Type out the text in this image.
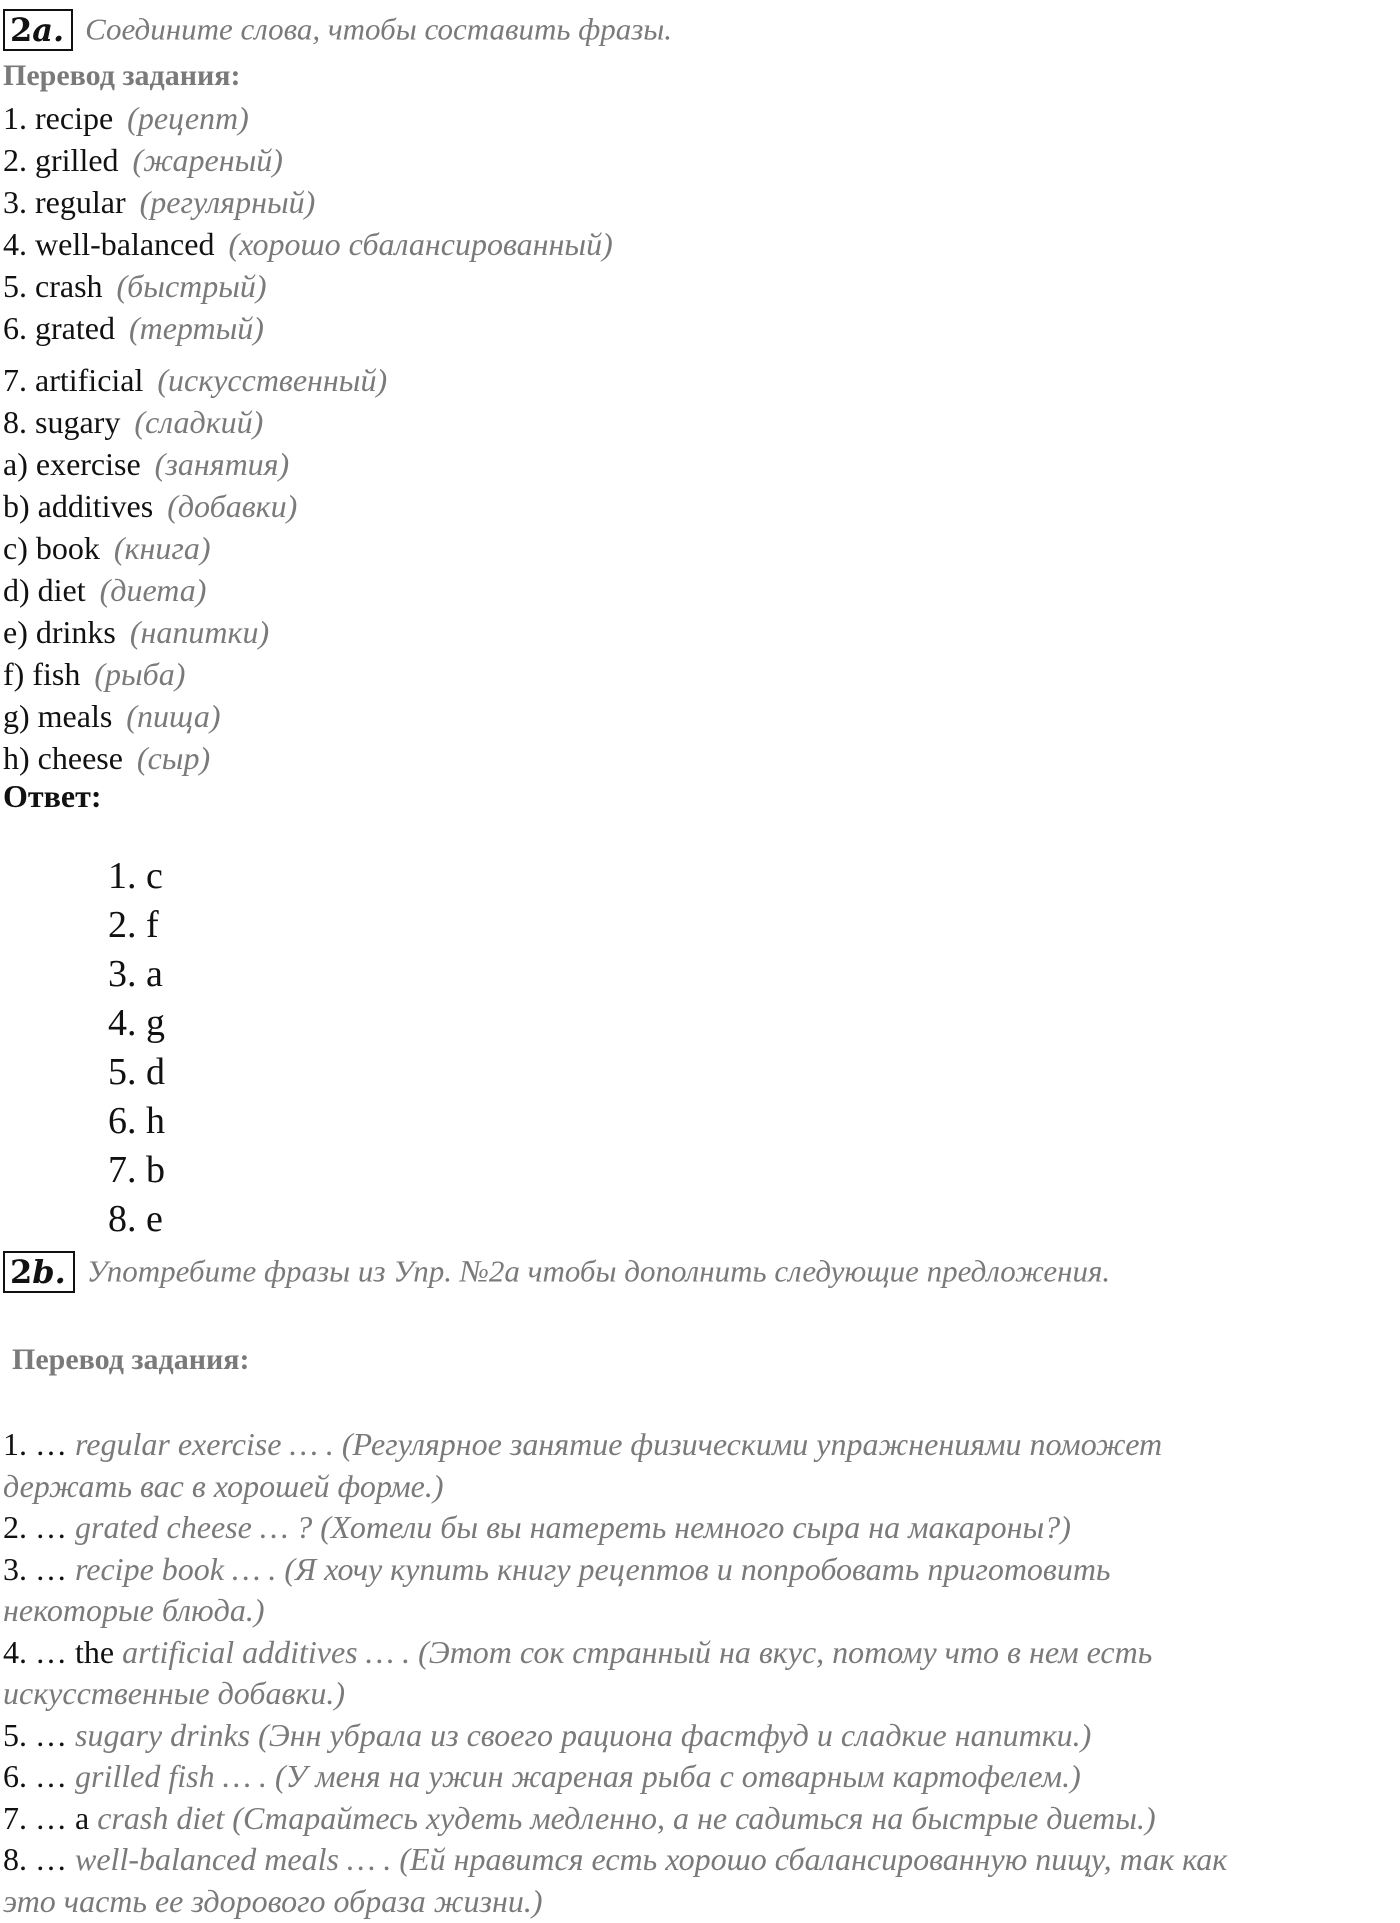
2a. Соедините слова, чтобы составить фразы.
Перевод задания:
1. recipe (рецепт)
2. grilled (жареный)
3. regular (регулярный)
4. well-balanced (хорошо сбалансированный)
5. crash (быстрый)
6. grated (тертый)
7. artificial (искусственный)
8. sugary (сладкий)
a) exercise (занятия)
b) additives (добавки)
c) book (книга)
d) diet (диета)
e) drinks (напитки)
f) fish (рыба)
g) meals (пища)
h) cheese (сыр)
Ответ:
1. c
2. f
3. a
4. g
5. d
6. h
7. b
8. e
2b. Употребите фразы из Упр. №2a чтобы дополнить следующие предложения.
Перевод задания:
1. … regular exercise … . (Регулярное занятие физическими упражнениями поможет
держать вас в хорошей форме.)
2. … grated cheese … ? (Хотели бы вы натереть немного сыра на макароны?)
3. … recipe book … . (Я хочу купить книгу рецептов и попробовать приготовить
некоторые блюда.)
4. … the artificial additives … . (Этот сок странный на вкус, потому что в нем есть
искусственные добавки.)
5. … sugary drinks (Энн убрала из своего рациона фастфуд и сладкие напитки.)
6. … grilled fish … . (У меня на ужин жареная рыба с отварным картофелем.)
7. … a crash diet (Старайтесь худеть медленно, а не садиться на быстрые диеты.)
8. … well-balanced meals … . (Ей нравится есть хорошо сбалансированную пищу, так как
это часть ее здорового образа жизни.)
